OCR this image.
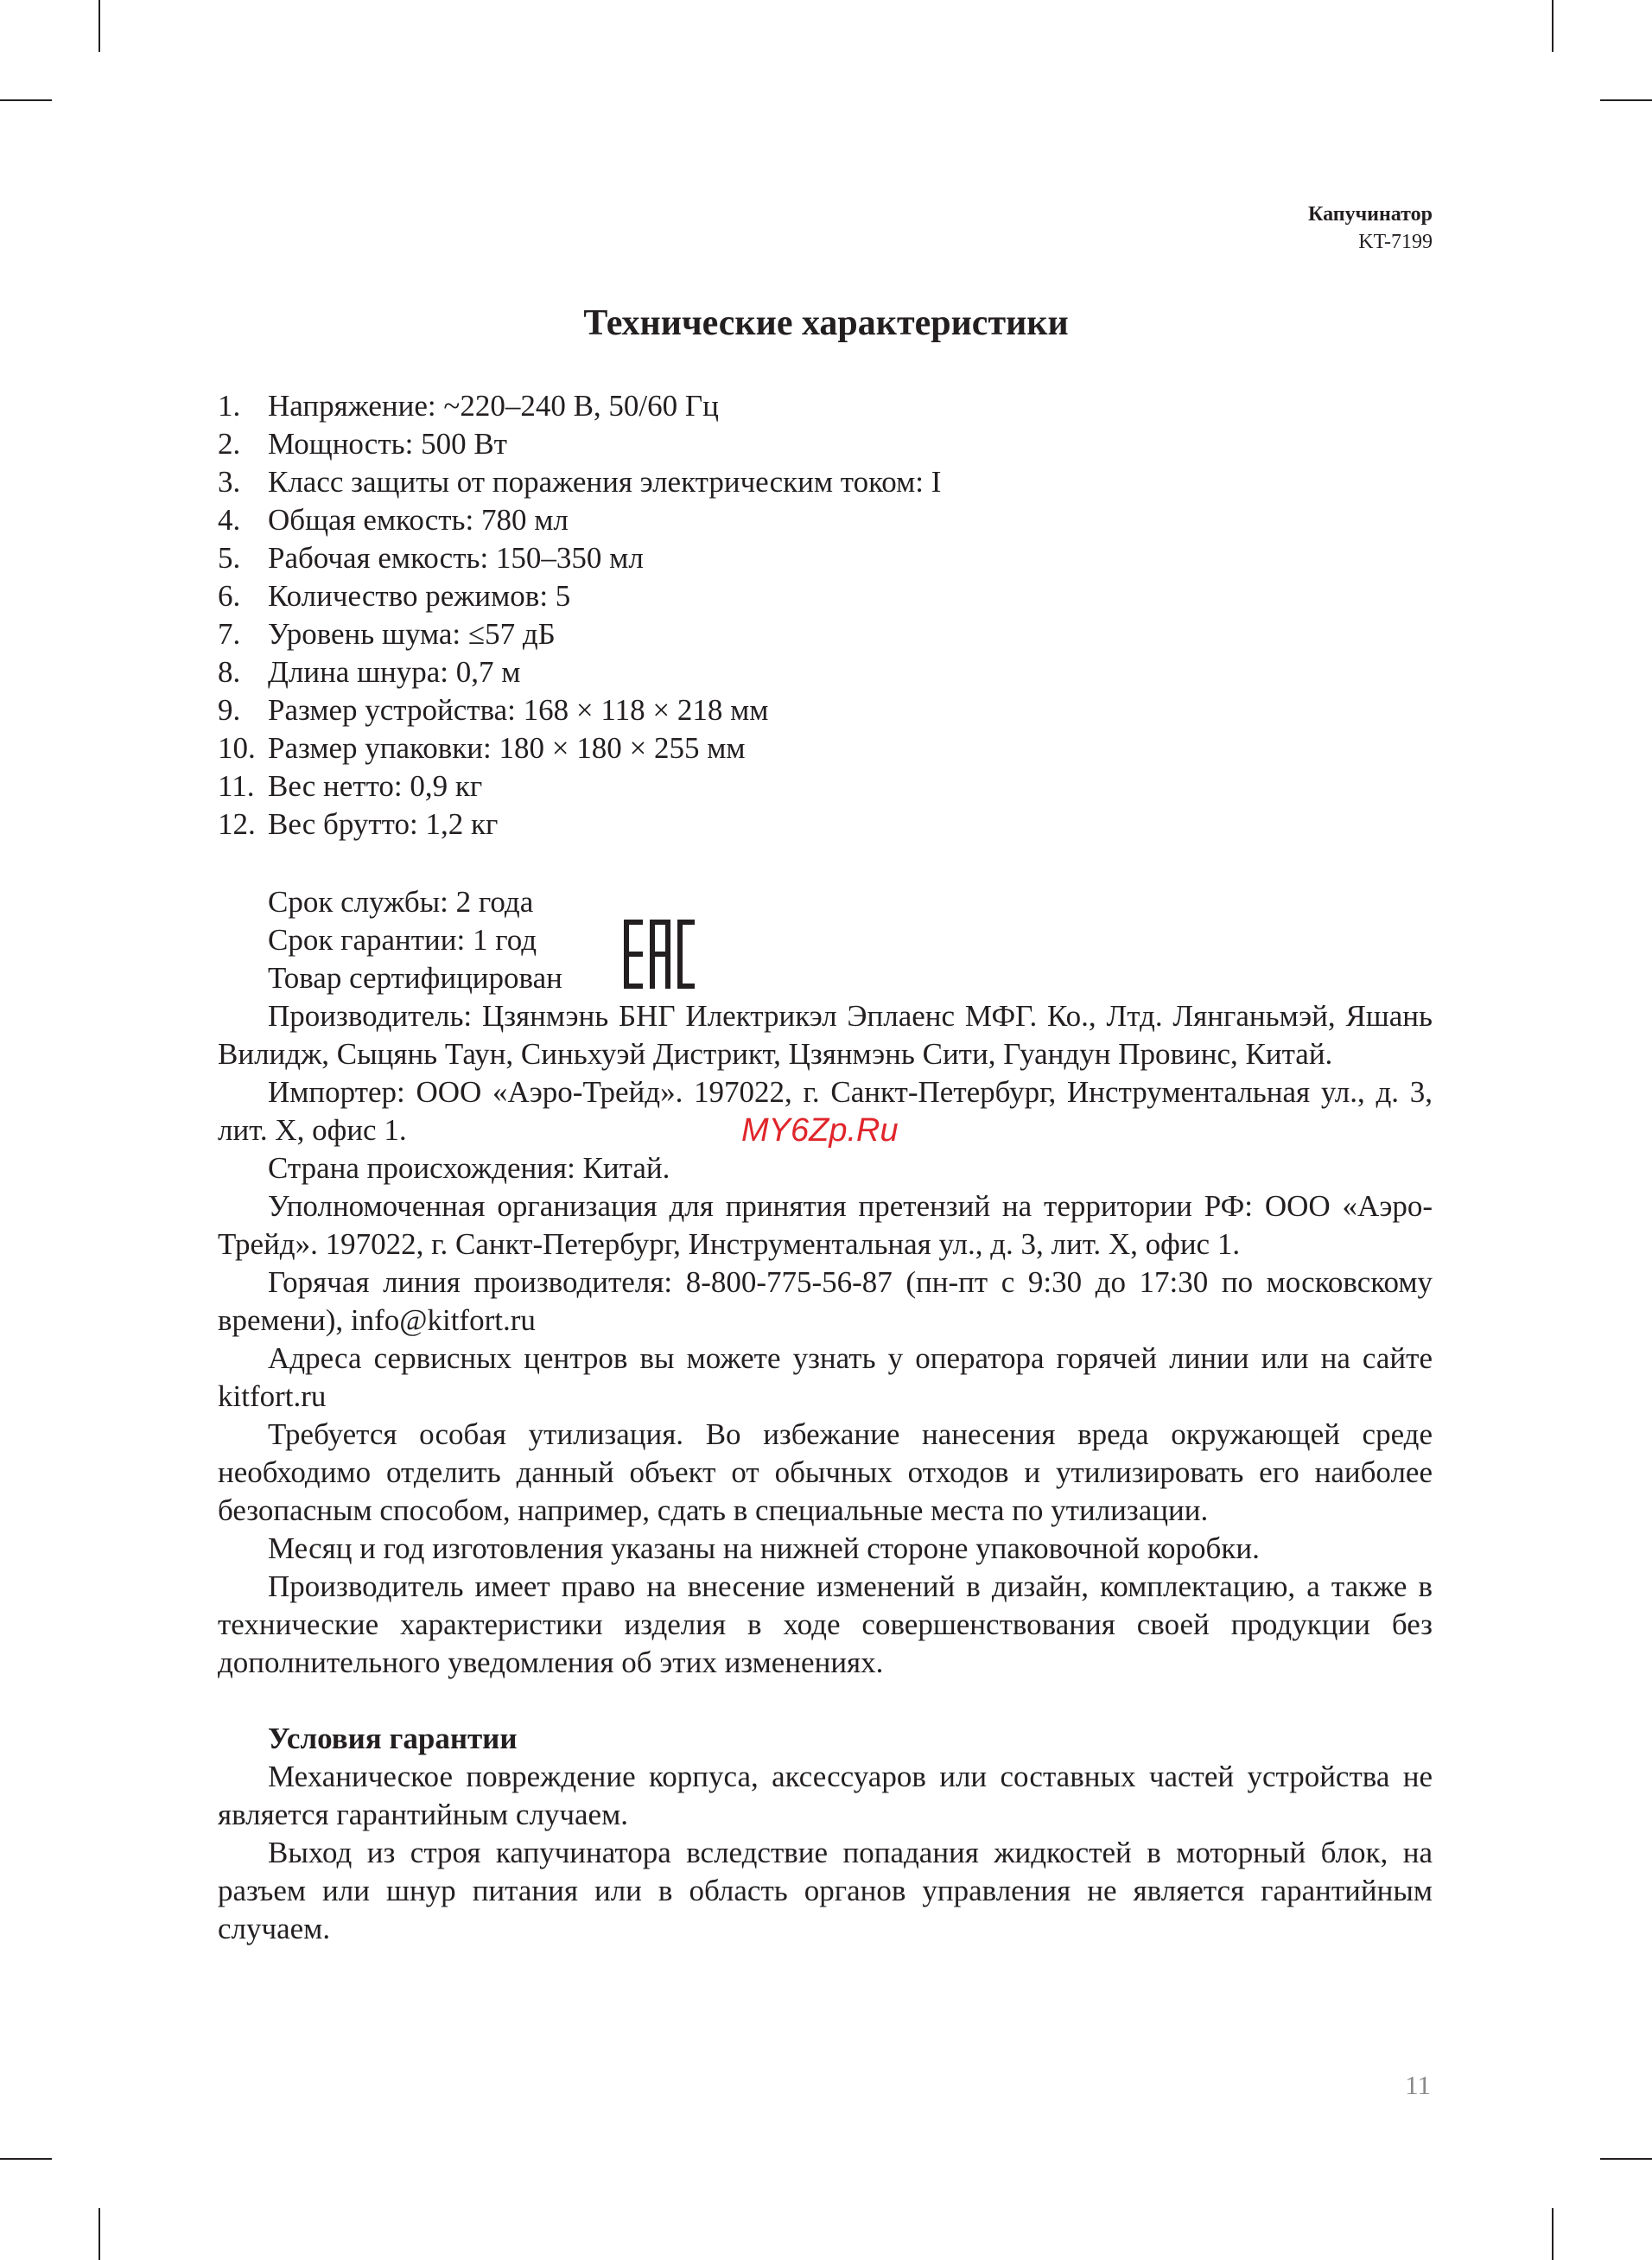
Капучинатор
KT-7199
Технические характеристики
1. Напряжение: ~220–240 В, 50/60 Гц
2. Мощность: 500 Вт
3. Класс защиты от поражения электрическим током: I
4. Общая емкость: 780 мл
5. Рабочая емкость: 150–350 мл
6. Количество режимов: 5
7. Уровень шума: ≤57 дБ
8. Длина шнура: 0,7 м
9. Размер устройства: 168 × 118 × 218 мм
10. Размер упаковки: 180 × 180 × 255 мм
11. Вес нетто: 0,9 кг
12. Вес брутто: 1,2 кг
Срок службы: 2 года
Срок гарантии: 1 год
Товар сертифицирован

Производитель: Цзянмэнь БНГ Илектрикэл Эплаенс МФГ. Ко., Лтд. Лянганьмэй, Яшань Вилидж, Сыцянь Таун, Синьхуэй Дистрикт, Цзянмэнь Сити, Гуандун Провинс, Китай.

Импортер: ООО «Аэро-Трейд». 197022, г. Санкт-Петербург, Инструментальная ул., д. 3, лит. Х, офис 1.

Страна происхождения: Китай.

Уполномоченная организация для принятия претензий на территории РФ: ООО «Аэро-Трейд». 197022, г. Санкт-Петербург, Инструментальная ул., д. 3, лит. Х, офис 1.

Горячая линия производителя: 8-800-775-56-87 (пн-пт с 9:30 до 17:30 по московскому времени), info@kitfort.ru

Адреса сервисных центров вы можете узнать у оператора горячей линии или на сайте kitfort.ru

Требуется особая утилизация. Во избежание нанесения вреда окружающей среде необходимо отделить данный объект от обычных отходов и утилизировать его наиболее безопасным способом, например, сдать в специальные места по утилизации.

Месяц и год изготовления указаны на нижней стороне упаковочной коробки.

Производитель имеет право на внесение изменений в дизайн, комплектацию, а также в технические характеристики изделия в ходе совершенствования своей продукции без дополнительного уведомления об этих изменениях.

Условия гарантии

Механическое повреждение корпуса, аксессуаров или составных частей устройства не является гарантийным случаем.

Выход из строя капучинатора вследствие попадания жидкостей в моторный блок, на разъем или шнур питания или в область органов управления не является гарантийным случаем.

MY6Zp.Ru
11
